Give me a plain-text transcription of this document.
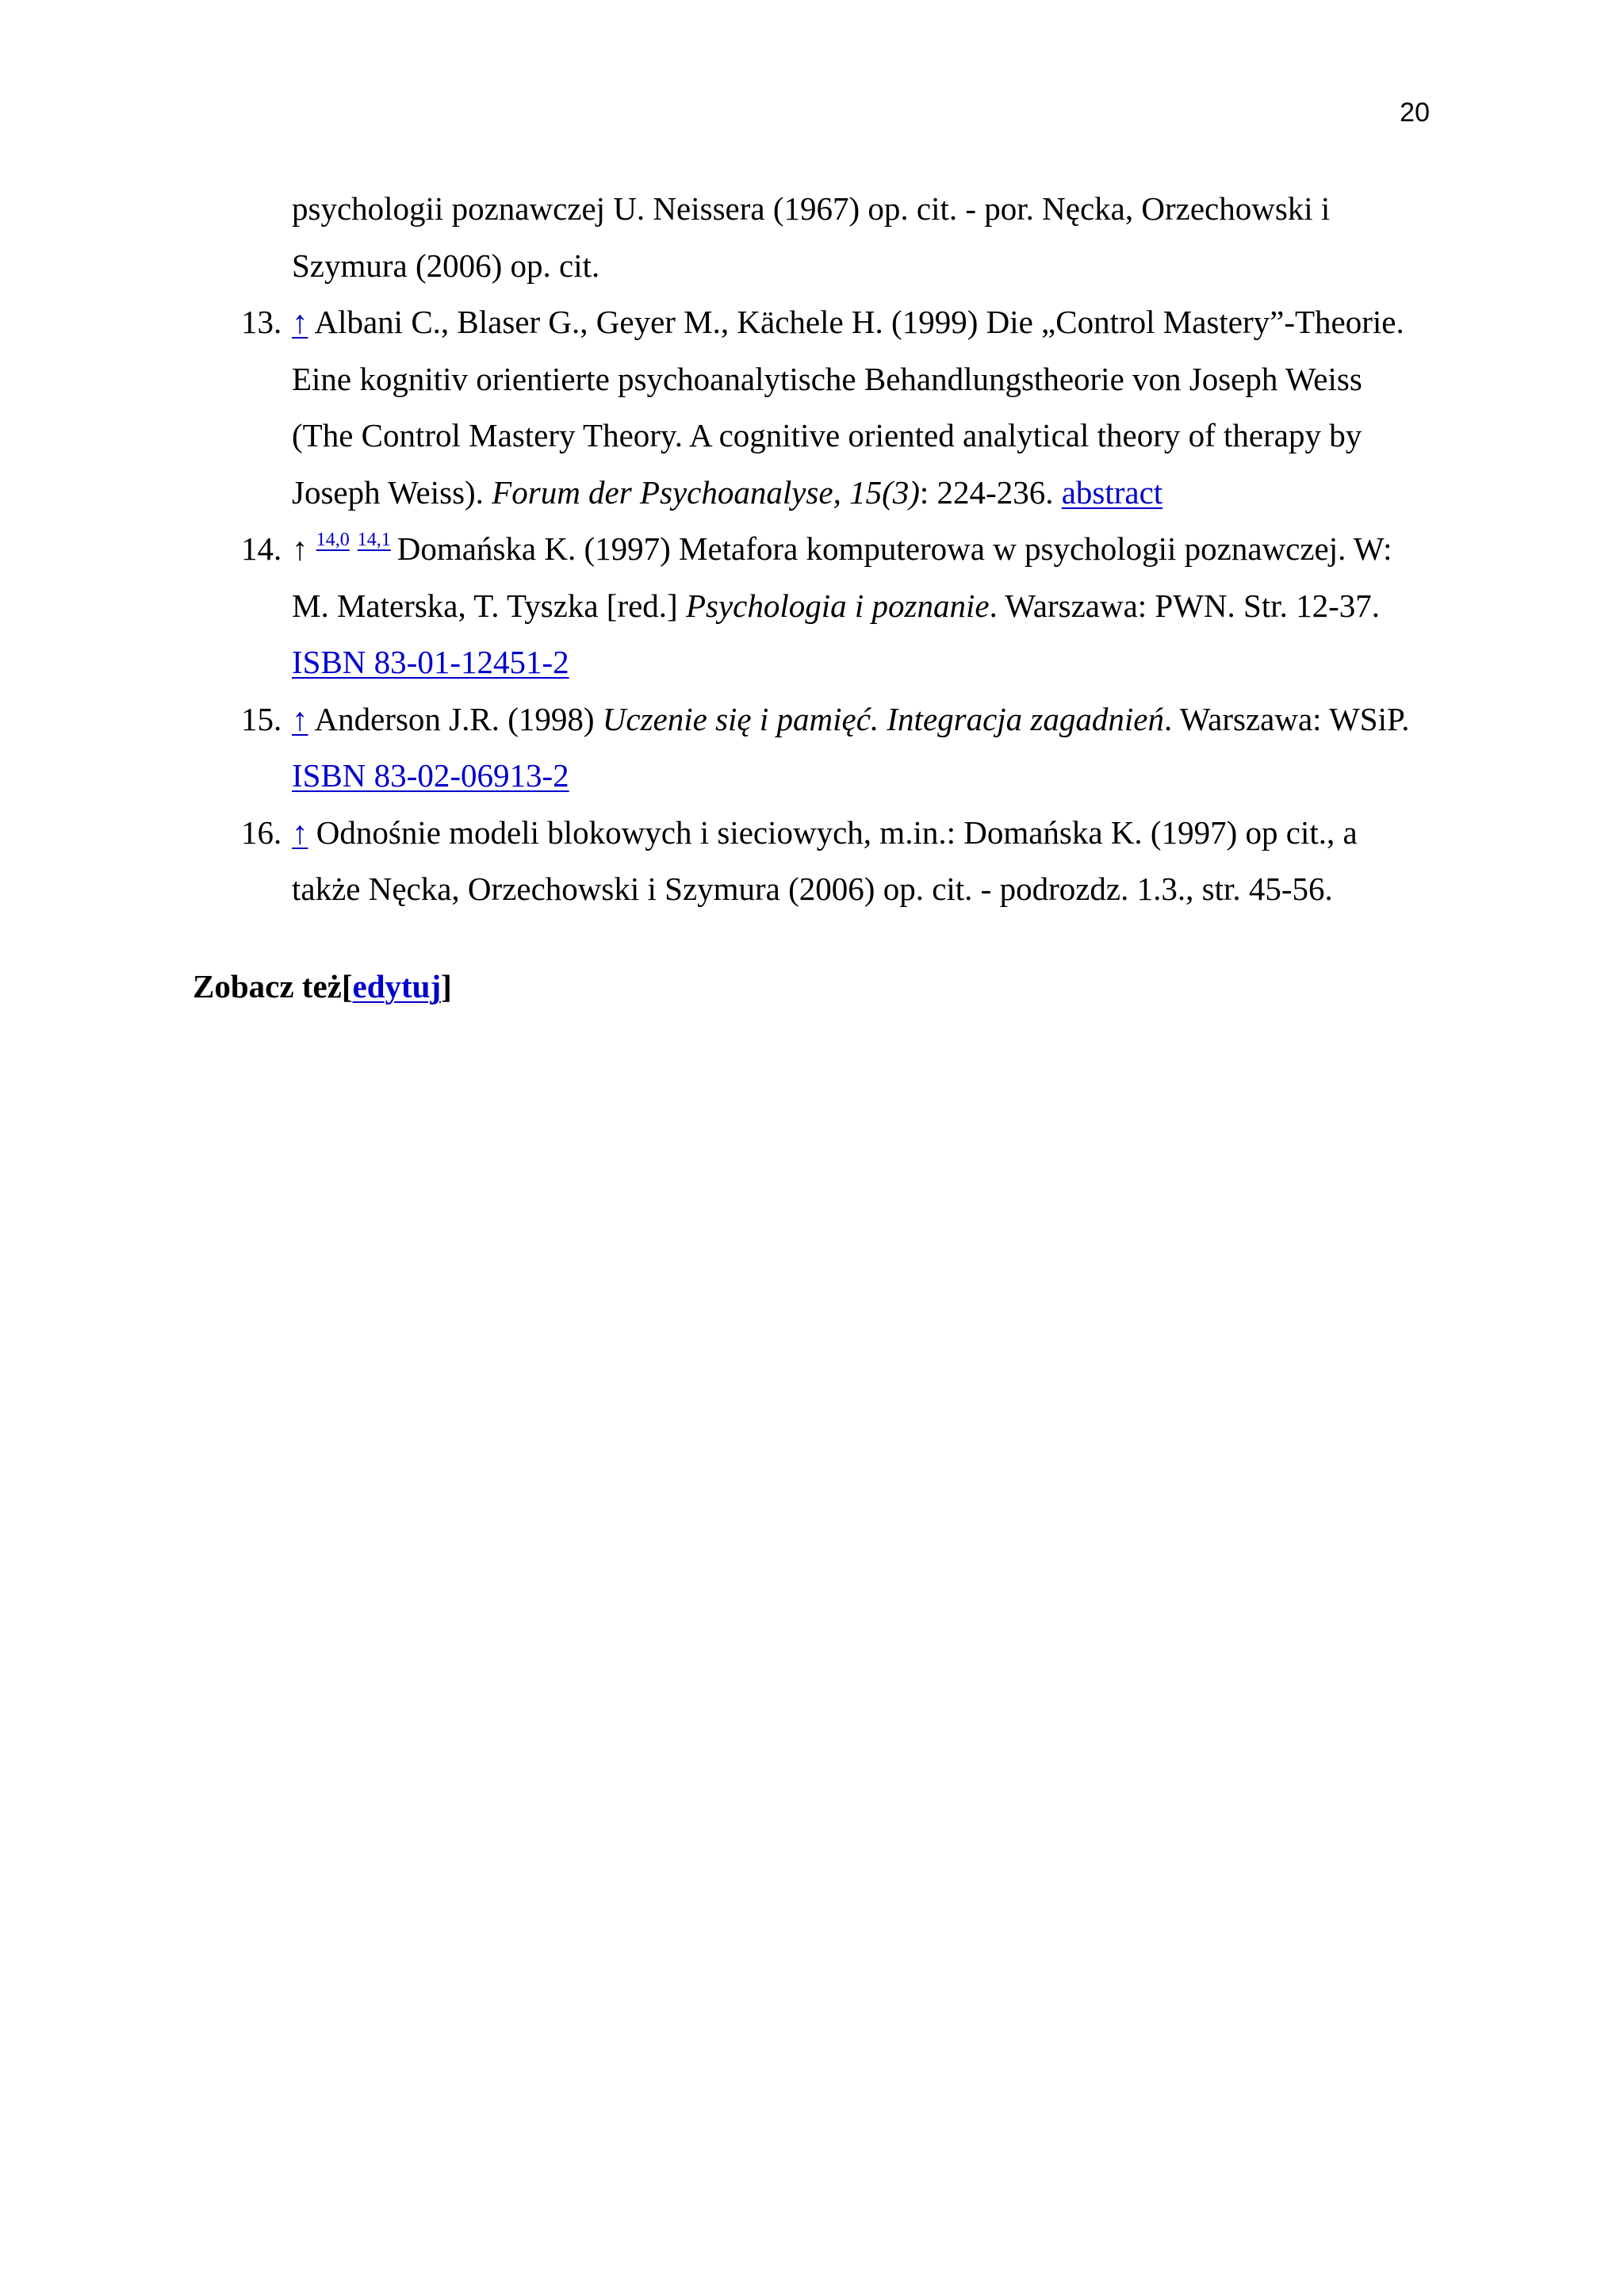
20
psychologii poznawczej U. Neissera (1967) op. cit. - por. Nęcka, Orzechowski i
Szymura (2006) op. cit.
13. ↑ Albani C., Blaser G., Geyer M., Kächele H. (1999) Die „Control Mastery”-Theorie.
Eine kognitiv orientierte psychoanalytische Behandlungstheorie von Joseph Weiss
(The Control Mastery Theory. A cognitive oriented analytical theory of therapy by
Joseph Weiss). Forum der Psychoanalyse, 15(3): 224-236. abstract
14. ↑ $^{14,0}$ $^{14,1}$ Domańska K. (1997) Metafora komputerowa w psychologii poznawczej. W:
M. Materska, T. Tyszka [red.] Psychologia i poznanie. Warszawa: PWN. Str. 12-37.
ISBN 83-01-12451-2
15. ↑ Anderson J.R. (1998) Uczenie się i pamięć. Integracja zagadnień. Warszawa: WSiP.
ISBN 83-02-06913-2
16. ↑ Odnośnie modeli blokowych i sieciowych, m.in.: Domańska K. (1997) op cit., a
także Nęcka, Orzechowski i Szymura (2006) op. cit. - podrozdz. 1.3., str. 45-56.
Zobacz też[edytuj]
